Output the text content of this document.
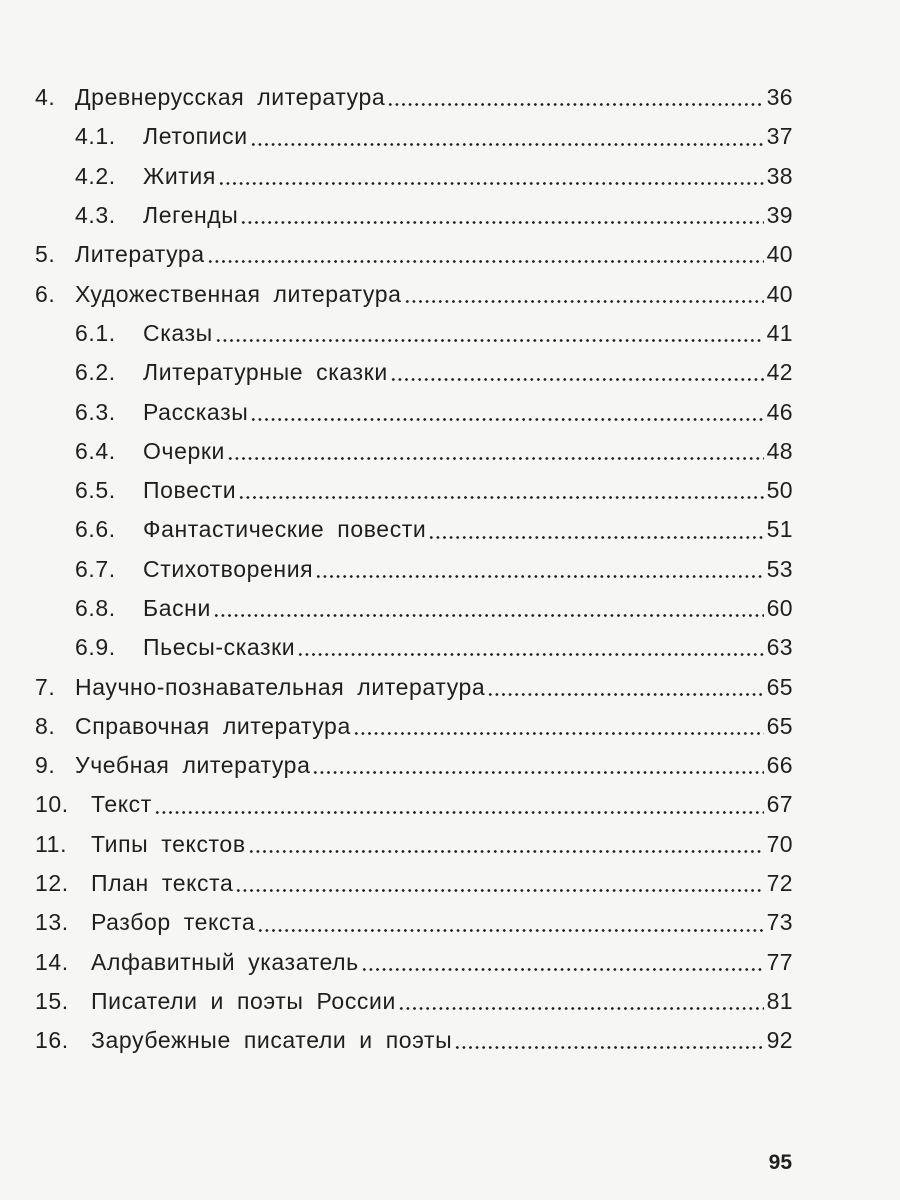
4. Древнерусская литература	36
4.1.	Летописи	37
4.2.	Жития	38
4.3.	Легенды	39
5. Литература	40
6. Художественная литература	40
6.1.	Сказы	41
6.2.	Литературные сказки	42
6.3.	Рассказы	46
6.4.	Очерки	48
6.5.	Повести	50
6.6.	Фантастические повести	51
6.7.	Стихотворения	53
6.8.	Басни	60
6.9.	Пьесы-сказки	63
7. Научно-познавательная литература	65
8. Справочная литература	65
9. Учебная литература	66
10. Текст	67
11.	Типы текстов	70
12. План текста	72
13. Разбор текста	73
14. Алфавитный указатель	77
15. Писатели и поэты России	81
16. Зарубежные писатели и поэты	92
95
